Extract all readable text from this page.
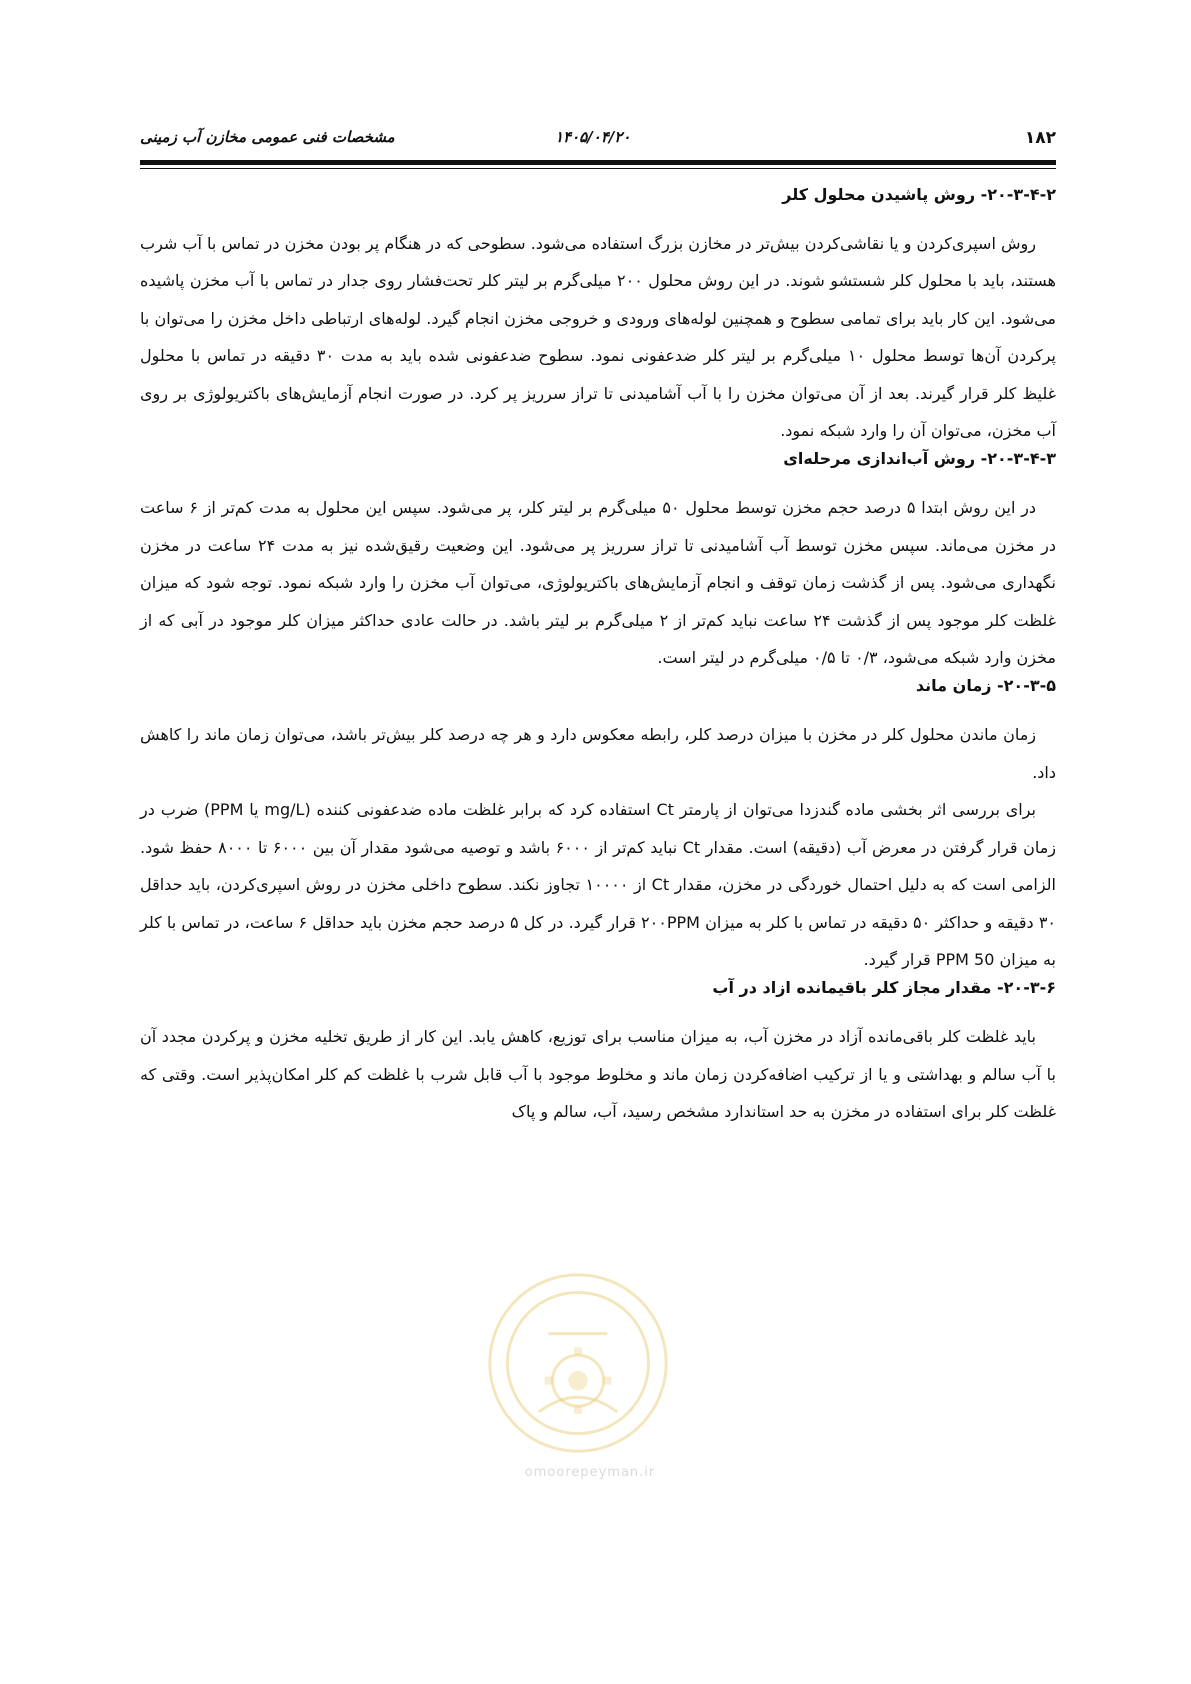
۱۸۲
۱۴۰۵/۰۴/۲۰
مشخصات فنی عمومی مخازن آب زمینی
۲۰-۳-۴-۲- روش پاشیدن محلول کلر

روش اسپری‌کردن و یا نقاشی‌کردن بیش‌تر در مخازن بزرگ استفاده می‌شود. سطوحی که در هنگام پر بودن مخزن در تماس با آب شرب هستند، باید با محلول کلر شستشو شوند. در این روش محلول ۲۰۰ میلی‌گرم بر لیتر کلر تحت‌فشار روی جدار در تماس با آب مخزن پاشیده می‌شود. این کار باید برای تمامی سطوح و همچنین لوله‌های ورودی و خروجی مخزن انجام گیرد. لوله‌های ارتباطی داخل مخزن را می‌توان با پرکردن آن‌ها توسط محلول ۱۰ میلی‌گرم بر لیتر کلر ضدعفونی نمود. سطوح ضدعفونی شده باید به مدت ۳۰ دقیقه در تماس با محلول غلیظ کلر قرار گیرند. بعد از آن می‌توان مخزن را با آب آشامیدنی تا تراز سرریز پر کرد. در صورت انجام آزمایش‌های باکتریولوژی بر روی آب مخزن، می‌توان آن را وارد شبکه نمود.

۲۰-۳-۴-۳- روش آب‌اندازی مرحله‌ای

در این روش ابتدا ۵ درصد حجم مخزن توسط محلول ۵۰ میلی‌گرم بر لیتر کلر، پر می‌شود. سپس این محلول به مدت کم‌تر از ۶ ساعت در مخزن می‌ماند. سپس مخزن توسط آب آشامیدنی تا تراز سرریز پر می‌شود. این وضعیت رقیق‌شده نیز به مدت ۲۴ ساعت در مخزن نگهداری می‌شود. پس از گذشت زمان توقف و انجام آزمایش‌های باکتریولوژی، می‌توان آب مخزن را وارد شبکه نمود. توجه شود که میزان غلظت کلر موجود پس از گذشت ۲۴ ساعت نباید کم‌تر از ۲ میلی‌گرم بر لیتر باشد. در حالت عادی حداکثر میزان کلر موجود در آبی که از مخزن وارد شبکه می‌شود، ۰/۳ تا ۰/۵ میلی‌گرم در لیتر است.

۲۰-۳-۵- زمان ماند

زمان ماندن محلول کلر در مخزن با میزان درصد کلر، رابطه معکوس دارد و هر چه درصد کلر بیش‌تر باشد، می‌توان زمان ماند را کاهش داد.

برای بررسی اثر بخشی ماده گندزدا می‌توان از پارمتر Ct استفاده کرد که برابر غلظت ماده ضدعفونی کننده (mg/L یا PPM) ضرب در زمان قرار گرفتن در معرض آب (دقیقه) است. مقدار Ct نباید کم‌تر از ۶۰۰۰ باشد و توصیه می‌شود مقدار آن بین ۶۰۰۰ تا ۸۰۰۰ حفظ شود. الزامی است که به دلیل احتمال خوردگی در مخزن، مقدار Ct از ۱۰۰۰۰ تجاوز نکند. سطوح داخلی مخزن در روش اسپری‌کردن، باید حداقل ۳۰ دقیقه و حداکثر ۵۰ دقیقه در تماس با کلر به میزان ۲۰۰PPM قرار گیرد. در کل ۵ درصد حجم مخزن باید حداقل ۶ ساعت، در تماس با کلر به میزان PPM 50 قرار گیرد.

۲۰-۳-۶- مقدار مجاز کلر باقیمانده ازاد در آب

باید غلظت کلر باقی‌مانده آزاد در مخزن آب، به میزان مناسب برای توزیع، کاهش یابد. این کار از طریق تخلیه مخزن و پرکردن مجدد آن با آب سالم و بهداشتی و یا از ترکیب اضافه‌کردن زمان ماند و مخلوط موجود با آب قابل شرب با غلظت کم کلر امکان‌پذیر است. وقتی که غلظت کلر برای استفاده در مخزن به حد استاندارد مشخص رسید، آب، سالم و پاک

omoorepeyman.ir
